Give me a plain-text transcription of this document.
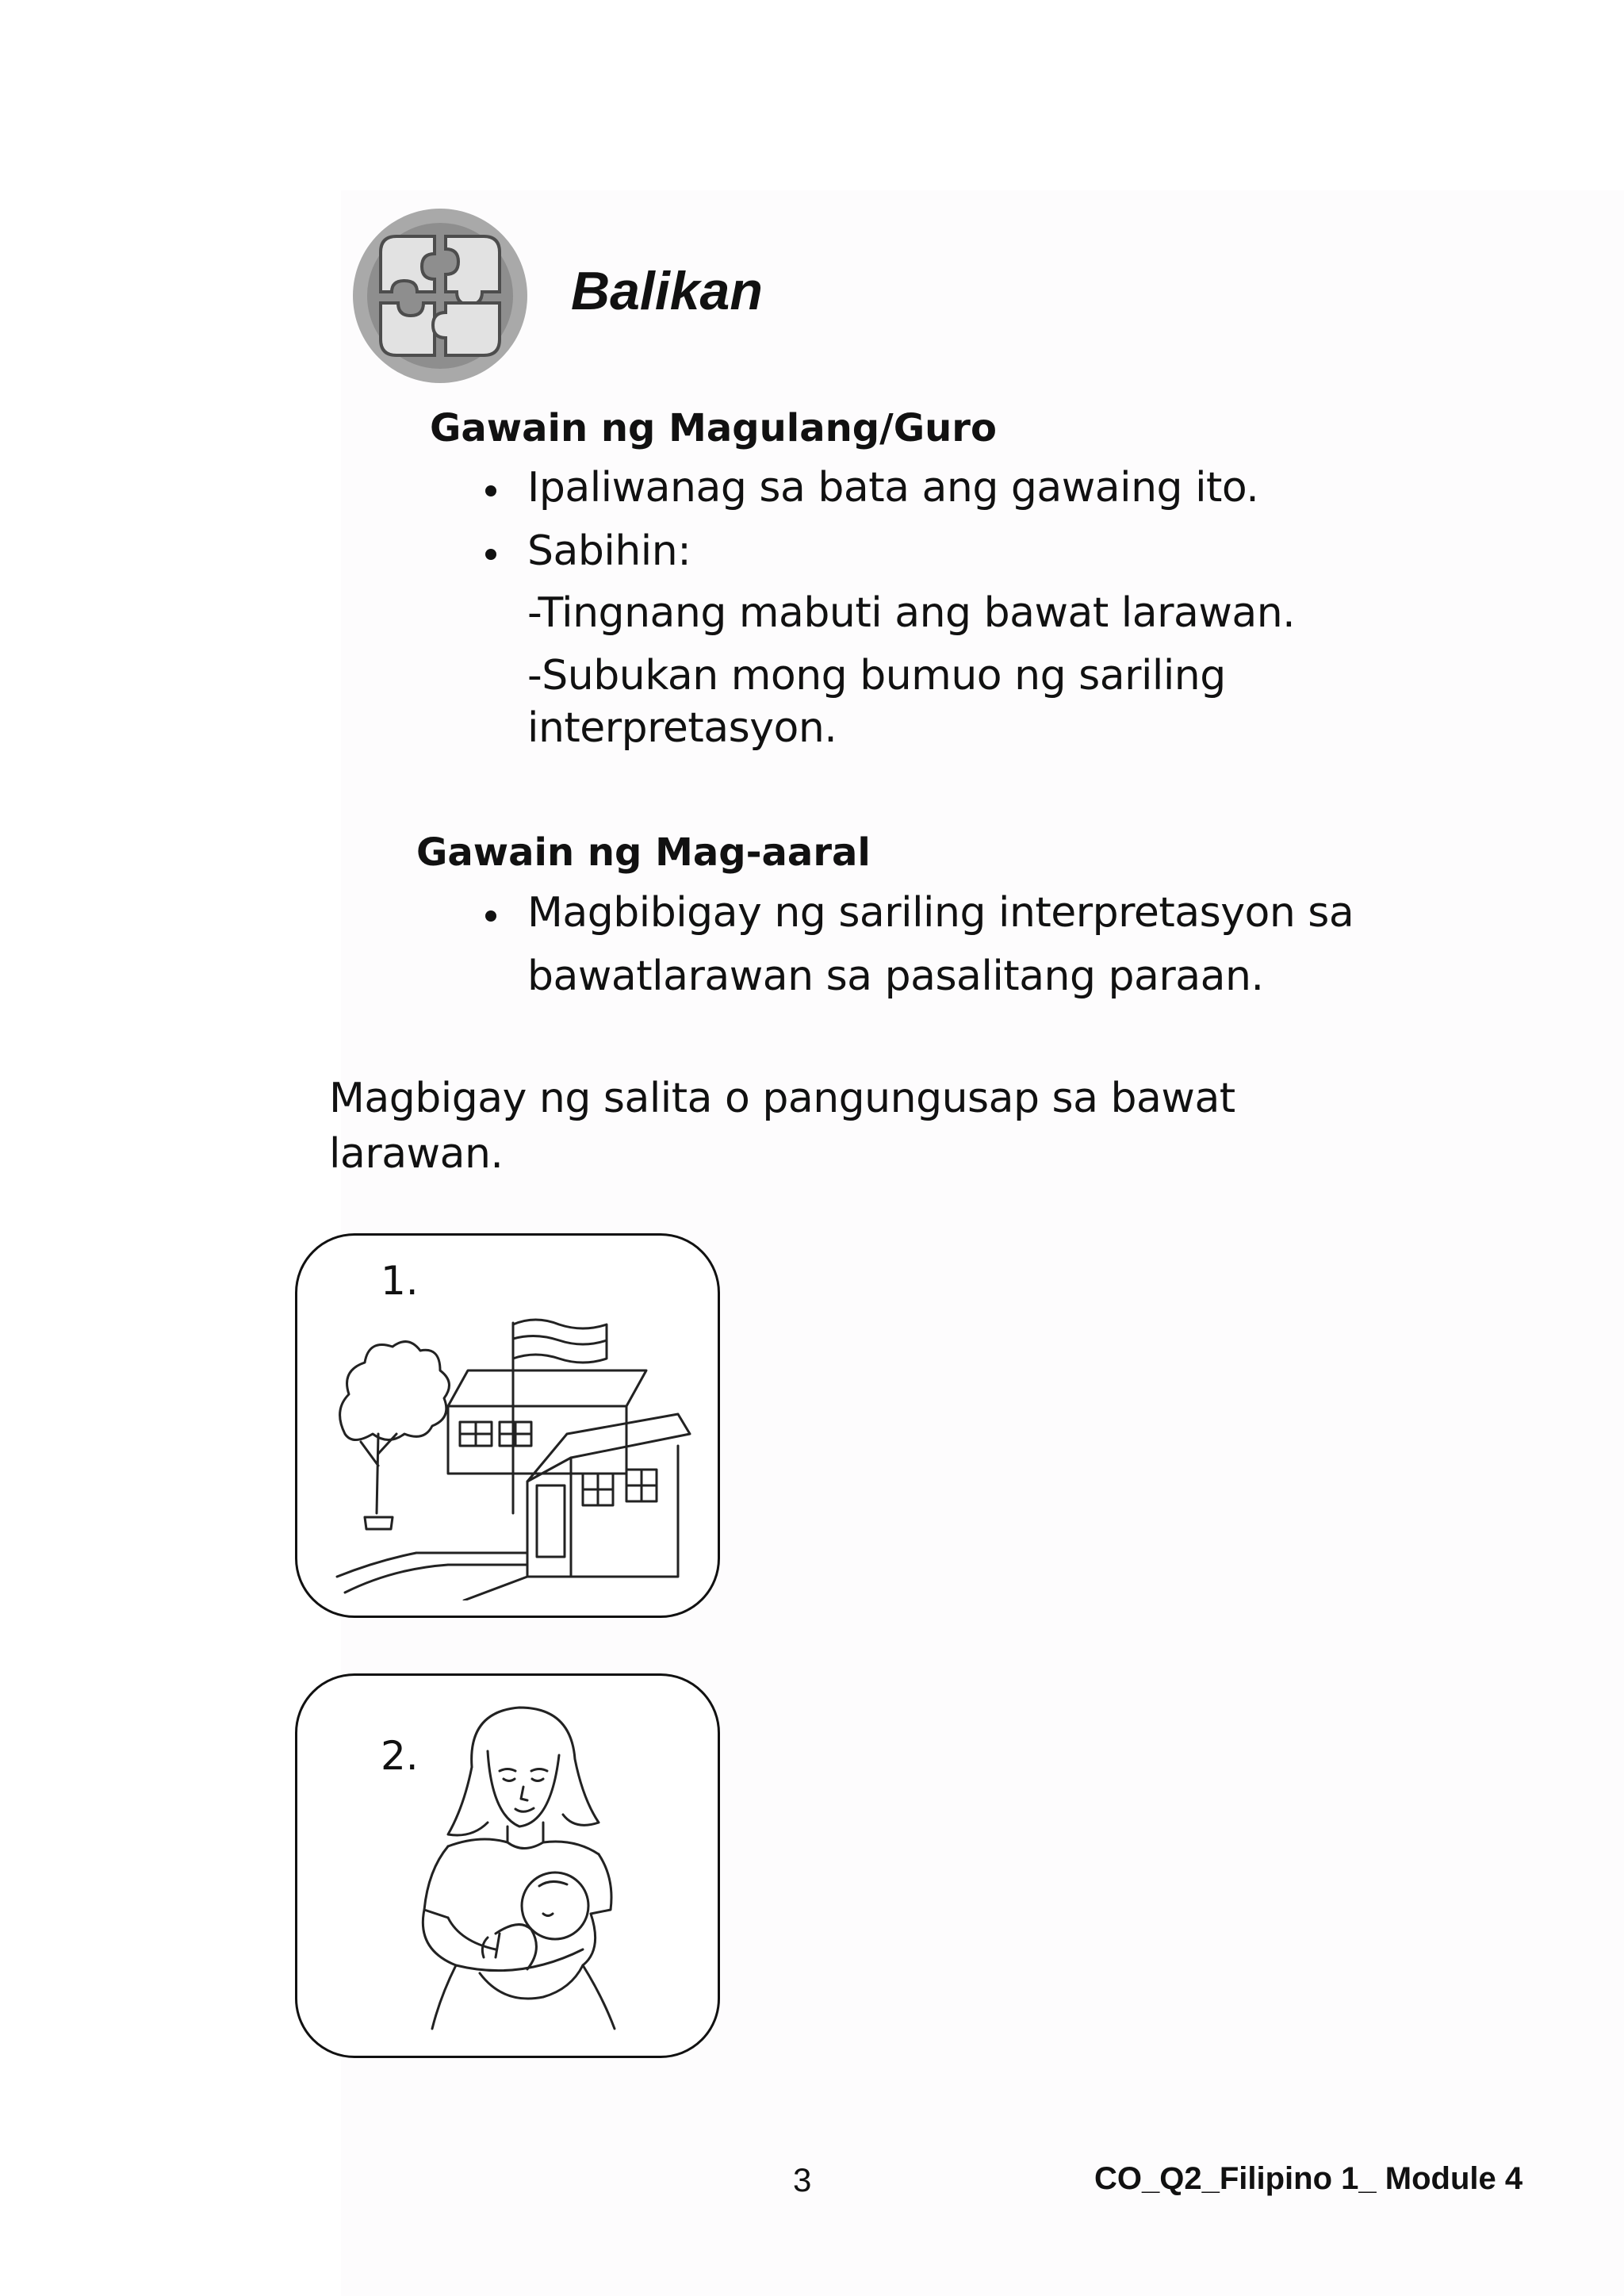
Balikan
Gawain ng Magulang/Guro
Ipaliwanag sa bata ang gawaing ito.
Sabihin:
-Tingnang mabuti ang bawat larawan.
-Subukan mong bumuo ng sariling
interpretasyon.
Gawain ng Mag-aaral
Magbibigay ng sariling interpretasyon sa
bawatlarawan sa pasalitang paraan.
Magbigay ng salita o pangungusap sa bawat
larawan.
1.
2.
3	CO_Q2_Filipino 1_ Module 4
